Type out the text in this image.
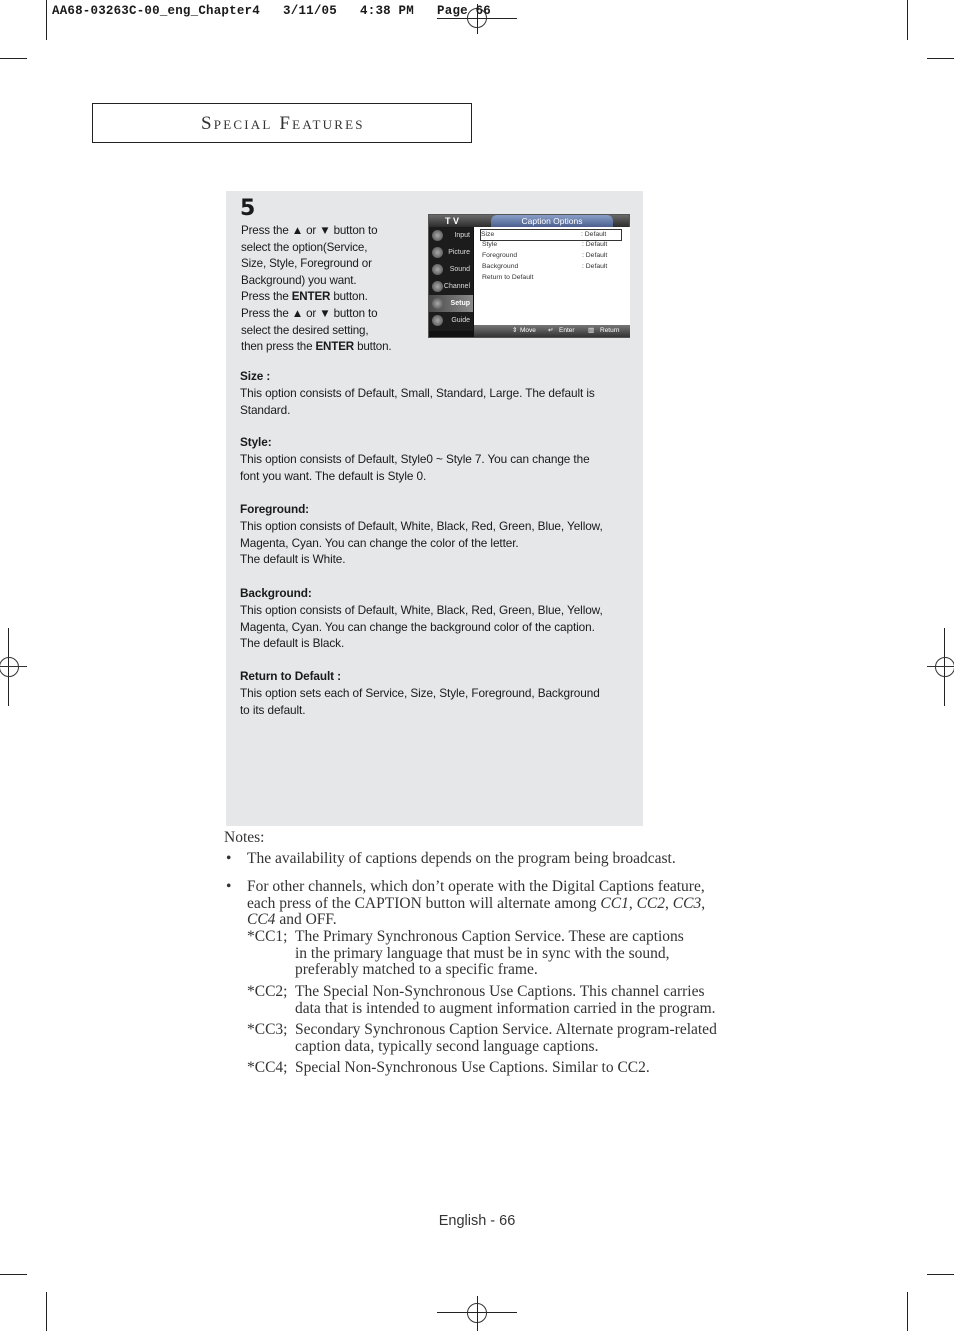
AA68-03263C-00_eng_Chapter4   3/11/05   4:38 PM   Page 66
Special Features
5
Press the ▲ or ▼ button to
select the option(Service,
Size, Style, Foreground or
Background) you want.
Press the ENTER button.
Press the ▲ or ▼ button to
select the desired setting,
then press the ENTER button.
T V	Caption Options
Input
Picture
Sound
Channel
Setup
Guide
Size	: Default
Style	: Default
Foreground	: Default
Background	: Default
Return to Default
⇕ Move ↵ Enter ▥ Return
Size :
This option consists of Default, Small, Standard, Large. The default is
Standard.
Style:
This option consists of Default, Style0 ~ Style 7. You can change the
font you want. The default is Style 0.
Foreground:
This option consists of Default, White, Black, Red, Green, Blue, Yellow,
Magenta, Cyan. You can change the color of the letter.
The default is White.
Background:
This option consists of Default, White, Black, Red, Green, Blue, Yellow,
Magenta, Cyan. You can change the background color of the caption.
The default is Black.
Return to Default :
This option sets each of Service, Size, Style, Foreground, Background
to its default.
Notes:
• The availability of captions depends on the program being broadcast.
• For other channels, which don’t operate with the Digital Captions feature,
each press of the CAPTION button will alternate among CC1, CC2, CC3,
CC4 and OFF.
*CC1; The Primary Synchronous Caption Service. These are captions
in the primary language that must be in sync with the sound,
preferably matched to a specific frame.
*CC2; The Special Non-Synchronous Use Captions. This channel carries
data that is intended to augment information carried in the program.
*CC3; Secondary Synchronous Caption Service. Alternate program-related
caption data, typically second language captions.
*CC4; Special Non-Synchronous Use Captions. Similar to CC2.
English - 66
